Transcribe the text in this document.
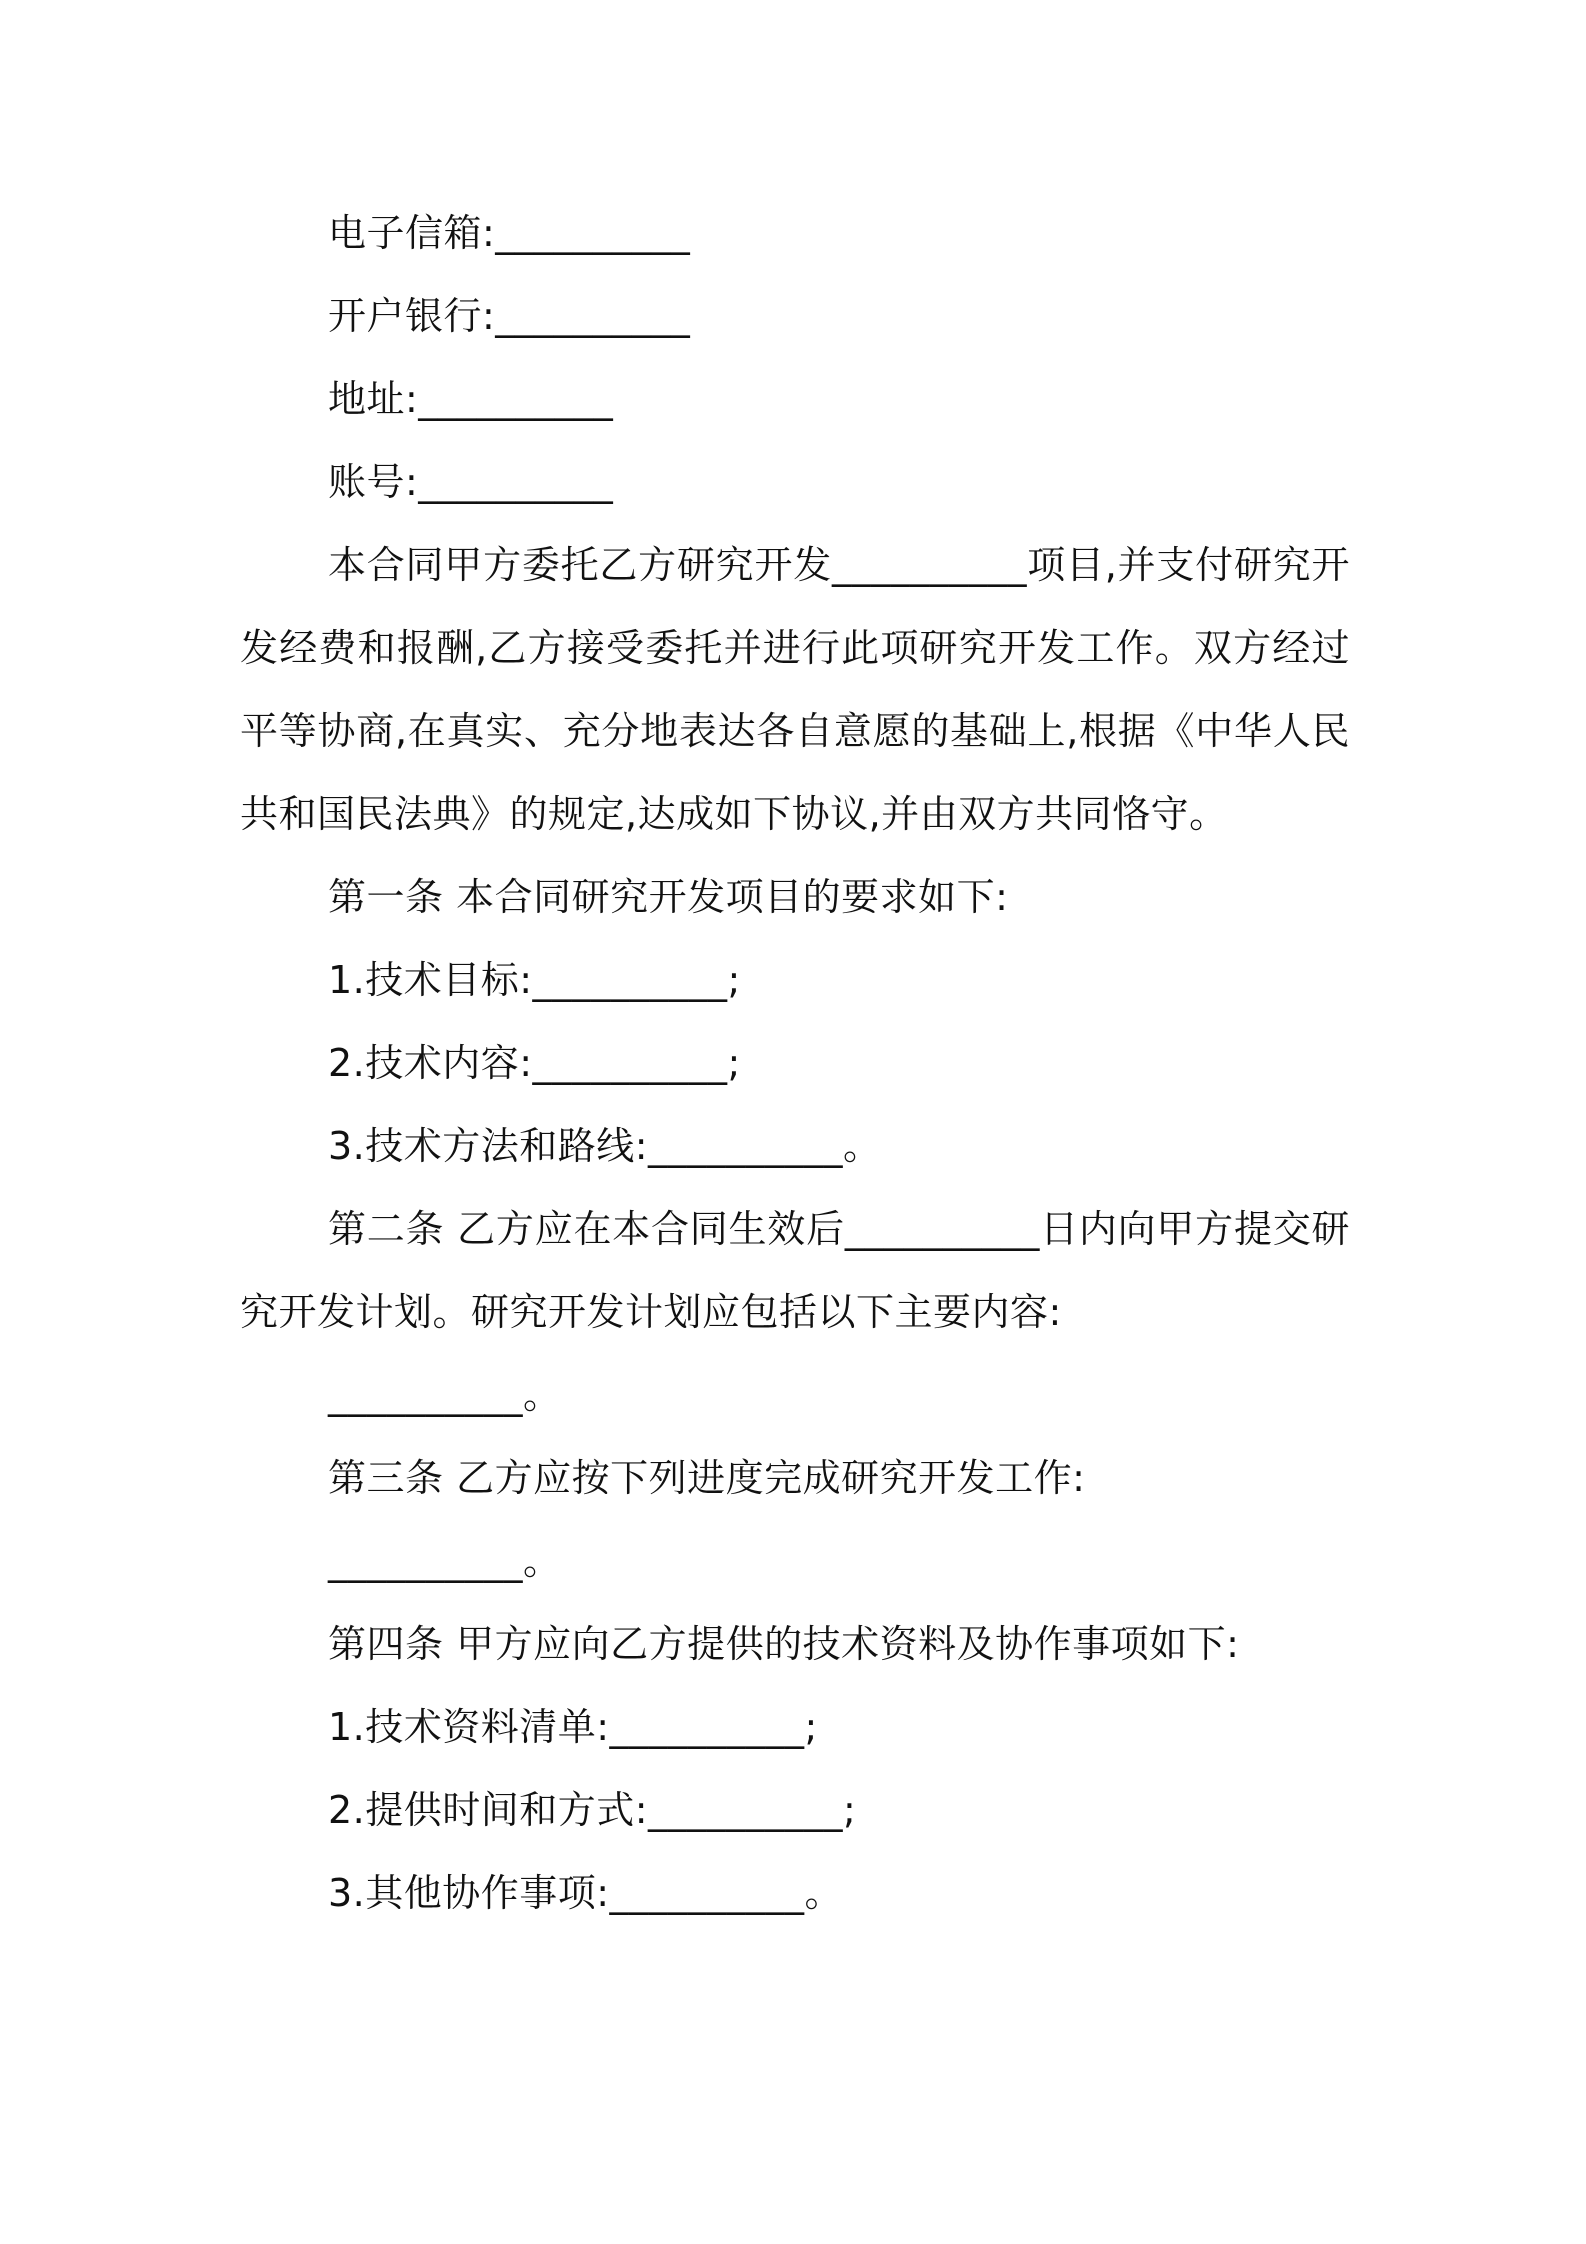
电子信箱:__________

开户银行:__________

地址:__________

账号:__________

本合同甲方委托乙方研究开发__________项目,并支付研究开发经费和报酬,乙方接受委托并进行此项研究开发工作。双方经过平等协商,在真实、充分地表达各自意愿的基础上,根据《中华人民共和国民法典》的规定,达成如下协议,并由双方共同恪守。

第一条 本合同研究开发项目的要求如下:

1.技术目标:__________;

2.技术内容:__________;

3.技术方法和路线:__________。

第二条 乙方应在本合同生效后__________日内向甲方提交研究开发计划。研究开发计划应包括以下主要内容:

__________。

第三条 乙方应按下列进度完成研究开发工作:

__________。

第四条 甲方应向乙方提供的技术资料及协作事项如下:

1.技术资料清单:__________;

2.提供时间和方式:__________;

3.其他协作事项:__________。
